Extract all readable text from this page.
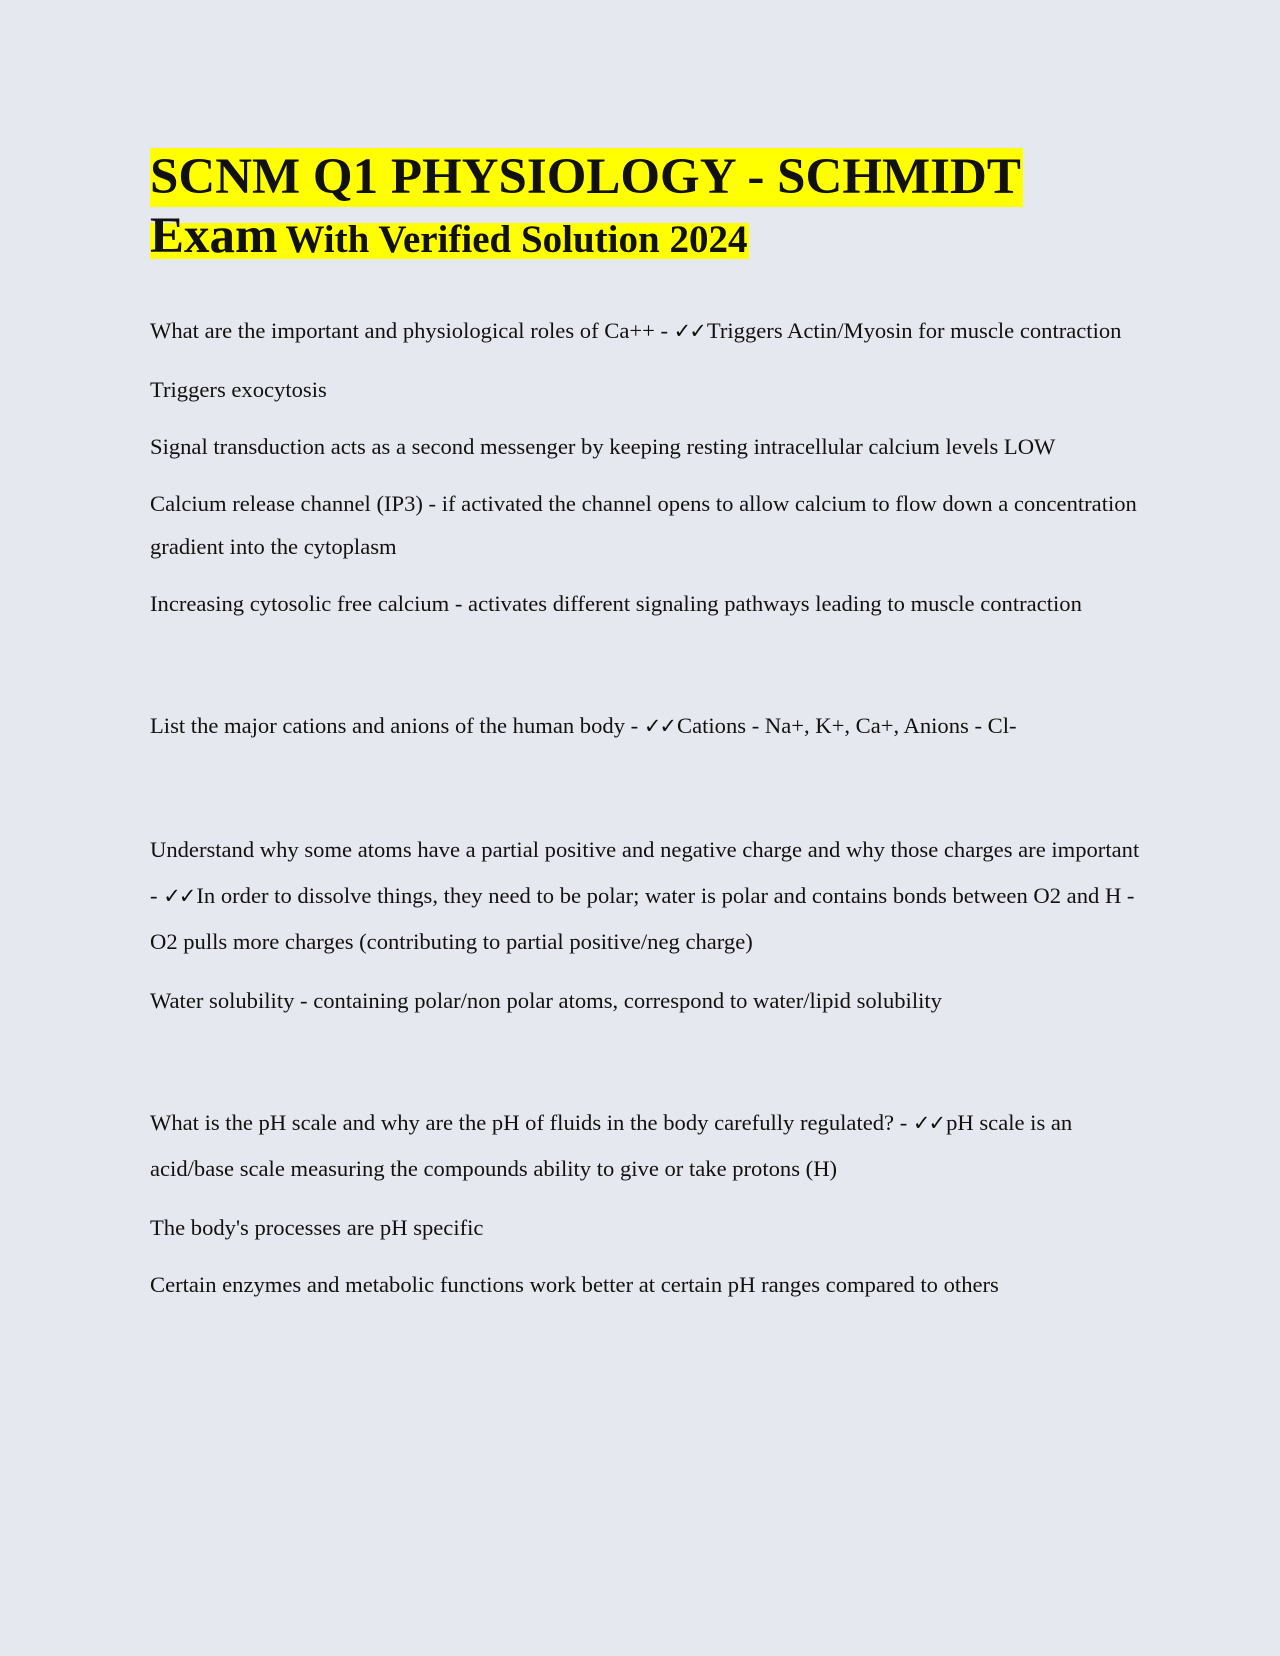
SCNM Q1 PHYSIOLOGY - SCHMIDT
Exam With Verified Solution 2024

What are the important and physiological roles of Ca++ - ✓✓Triggers Actin/Myosin for muscle contraction

Triggers exocytosis

Signal transduction acts as a second messenger by keeping resting intracellular calcium levels LOW

Calcium release channel (IP3) - if activated the channel opens to allow calcium to flow down a concentration gradient into the cytoplasm

Increasing cytosolic free calcium - activates different signaling pathways leading to muscle contraction

List the major cations and anions of the human body - ✓✓Cations - Na+, K+, Ca+, Anions - Cl-

Understand why some atoms have a partial positive and negative charge and why those charges are important - ✓✓In order to dissolve things, they need to be polar; water is polar and contains bonds between O2 and H - O2 pulls more charges (contributing to partial positive/neg charge)

Water solubility - containing polar/non polar atoms, correspond to water/lipid solubility

What is the pH scale and why are the pH of fluids in the body carefully regulated? - ✓✓pH scale is an acid/base scale measuring the compounds ability to give or take protons (H)

The body's processes are pH specific

Certain enzymes and metabolic functions work better at certain pH ranges compared to others
